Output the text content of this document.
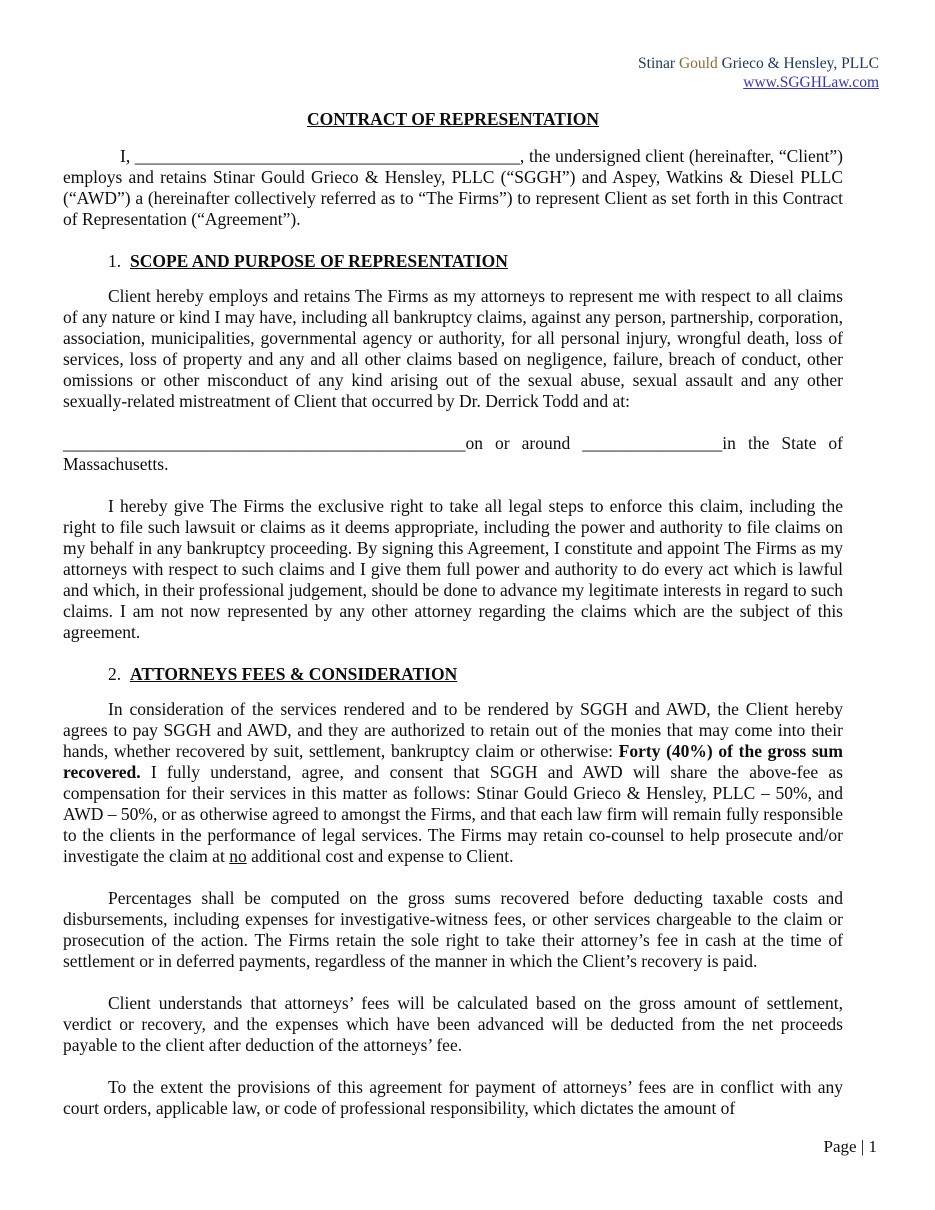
Stinar Gould Grieco & Hensley, PLLC
www.SGGHLaw.com
CONTRACT OF REPRESENTATION

I, ____________________________________________, the undersigned client (hereinafter, “Client”) employs and retains Stinar Gould Grieco & Hensley, PLLC (“SGGH”) and Aspey, Watkins & Diesel PLLC (“AWD”) a (hereinafter collectively referred as to “The Firms”) to represent Client as set forth in this Contract of Representation (“Agreement”).

1. SCOPE AND PURPOSE OF REPRESENTATION

Client hereby employs and retains The Firms as my attorneys to represent me with respect to all claims of any nature or kind I may have, including all bankruptcy claims, against any person, partnership, corporation, association, municipalities, governmental agency or authority, for all personal injury, wrongful death, loss of services, loss of property and any and all other claims based on negligence, failure, breach of conduct, other omissions or other misconduct of any kind arising out of the sexual abuse, sexual assault and any other sexually-related mistreatment of Client that occurred by Dr. Derrick Todd and at:

______________________________________________on or around ________________in the State of Massachusetts.

I hereby give The Firms the exclusive right to take all legal steps to enforce this claim, including the right to file such lawsuit or claims as it deems appropriate, including the power and authority to file claims on my behalf in any bankruptcy proceeding. By signing this Agreement, I constitute and appoint The Firms as my attorneys with respect to such claims and I give them full power and authority to do every act which is lawful and which, in their professional judgement, should be done to advance my legitimate interests in regard to such claims. I am not now represented by any other attorney regarding the claims which are the subject of this agreement.

2. ATTORNEYS FEES & CONSIDERATION

In consideration of the services rendered and to be rendered by SGGH and AWD, the Client hereby agrees to pay SGGH and AWD, and they are authorized to retain out of the monies that may come into their hands, whether recovered by suit, settlement, bankruptcy claim or otherwise: Forty (40%) of the gross sum recovered. I fully understand, agree, and consent that SGGH and AWD will share the above-fee as compensation for their services in this matter as follows: Stinar Gould Grieco & Hensley, PLLC – 50%, and AWD – 50%, or as otherwise agreed to amongst the Firms, and that each law firm will remain fully responsible to the clients in the performance of legal services. The Firms may retain co-counsel to help prosecute and/or investigate the claim at no additional cost and expense to Client.

Percentages shall be computed on the gross sums recovered before deducting taxable costs and disbursements, including expenses for investigative-witness fees, or other services chargeable to the claim or prosecution of the action. The Firms retain the sole right to take their attorney’s fee in cash at the time of settlement or in deferred payments, regardless of the manner in which the Client’s recovery is paid.

Client understands that attorneys’ fees will be calculated based on the gross amount of settlement, verdict or recovery, and the expenses which have been advanced will be deducted from the net proceeds payable to the client after deduction of the attorneys’ fee.

To the extent the provisions of this agreement for payment of attorneys’ fees are in conflict with any court orders, applicable law, or code of professional responsibility, which dictates the amount of

Page | 1
